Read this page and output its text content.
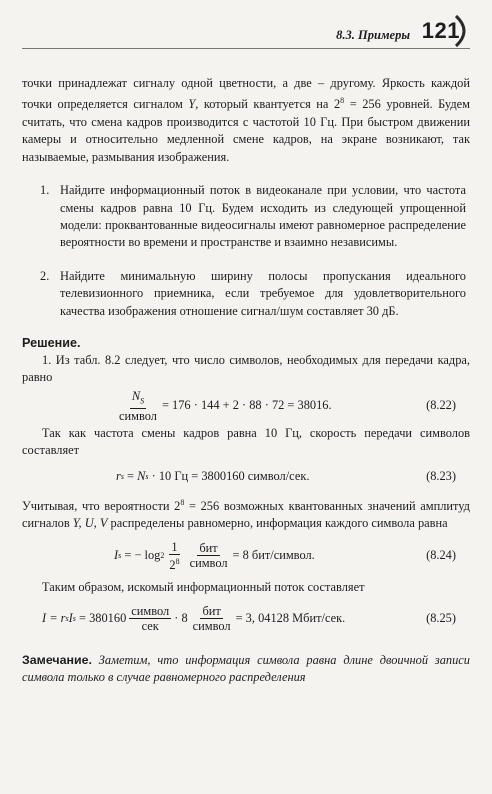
8.3. Примеры 121

точки принадлежат сигналу одной цветности, а две – другому. Яркость каждой точки определяется сигналом Y, который квантуется на $2^8 = 256$ уровней. Будем считать, что смена кадров производится с частотой 10 Гц. При быстром движении камеры и относительно медленной смене кадров, на экране возникают, так называемые, размывания изображения.

1. Найдите информационный поток в видеоканале при условии, что частота смены кадров равна 10 Гц. Будем исходить из следующей упрощенной модели: проквантованные видеосигналы имеют равномерное распределение вероятности во времени и пространстве и взаимно независимы.
2. Найдите минимальную ширину полосы пропускания идеального телевизионного приемника, если требуемое для удовлетворительного качества изображения отношение сигнал/шум составляет 30 дБ.
Решение.

1. Из табл. 8.2 следует, что число символов, необходимых для передачи кадра, равно

$\frac{N_S}{\text{символ}} = 176 \cdot 144 + 2 \cdot 88 \cdot 72 = 38016$.	(8.22)

Так как частота смены кадров равна 10 Гц, скорость передачи символов составляет

r s = N s · 10 Гц = 3800160 символ/сек.	(8.23)

Учитывая, что вероятности $2^8 = 256$ возможных квантованных значений амплитуд сигналов Y, U, V распределены равномерно, информация каждого символа равна

I s = − $\log 2 \frac{1}{2^8} \frac{\text{бит}}{\text{символ}} = 8$ бит/символ.	(8.24)

Таким образом, искомый информационный поток составляет

I = r s I $s = 380160 \frac{\text{символ}}{\text{сек}} \cdot 8 \frac{\text{бит}}{\text{символ}} = 3$, 04128 Мбит/сек.	(8.25)

Замечание. Заметим, что информация символа равна длине двоичной записи символа только в случае равномерного распределения
